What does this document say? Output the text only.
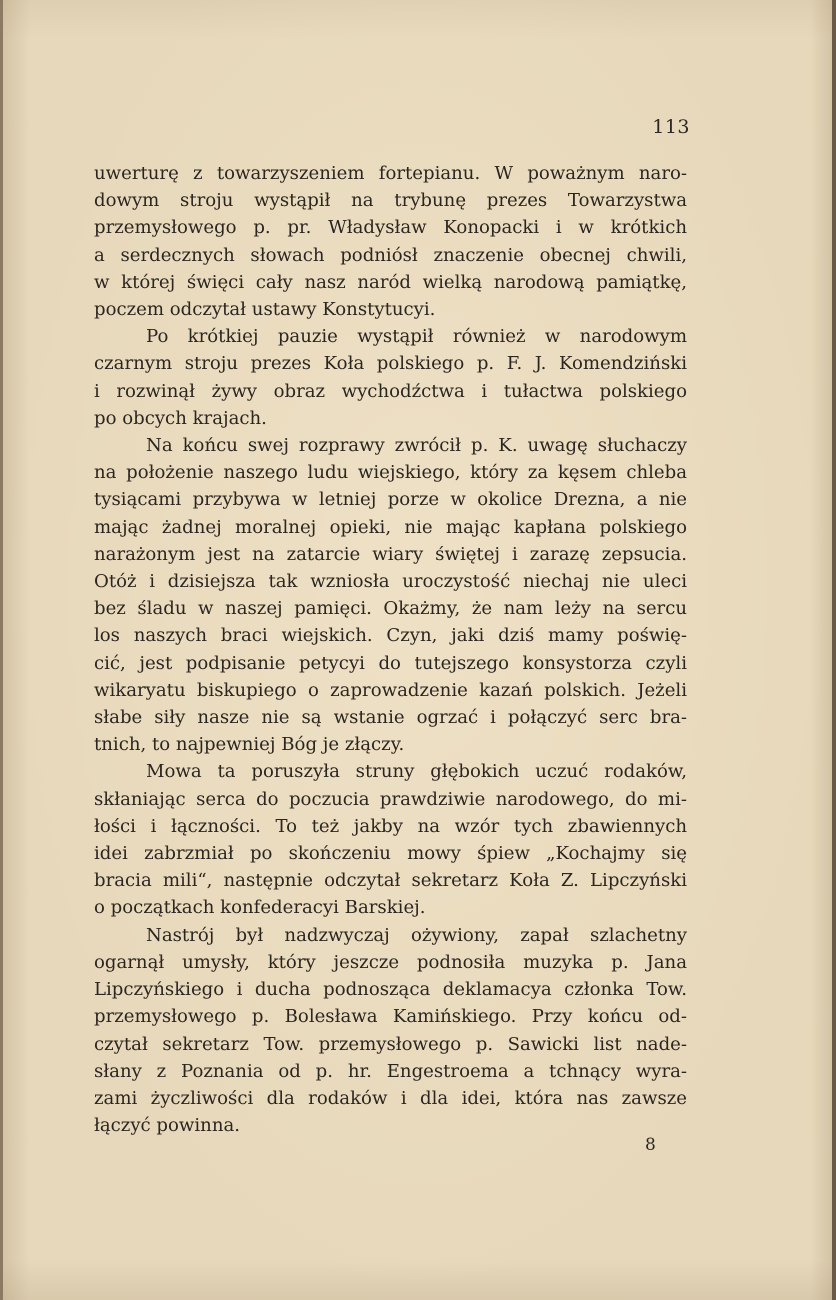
113
uwerturę z towarzyszeniem fortepianu. W poważnym naro-
dowym stroju wystąpił na trybunę prezes Towarzystwa
przemysłowego p. pr. Władysław Konopacki i w krótkich
a serdecznych słowach podniósł znaczenie obecnej chwili,
w której święci cały nasz naród wielką narodową pamiątkę,
poczem odczytał ustawy Konstytucyi.
Po krótkiej pauzie wystąpił również w narodowym
czarnym stroju prezes Koła polskiego p. F. J. Komendziński
i rozwinął żywy obraz wychodźctwa i tułactwa polskiego
po obcych krajach.
Na końcu swej rozprawy zwrócił p. K. uwagę słuchaczy
na położenie naszego ludu wiejskiego, który za kęsem chleba
tysiącami przybywa w letniej porze w okolice Drezna, a nie
mając żadnej moralnej opieki, nie mając kapłana polskiego
narażonym jest na zatarcie wiary świętej i zarazę zepsucia.
Otóż i dzisiejsza tak wzniosła uroczystość niechaj nie uleci
bez śladu w naszej pamięci. Okażmy, że nam leży na sercu
los naszych braci wiejskich. Czyn, jaki dziś mamy poświę-
cić, jest podpisanie petycyi do tutejszego konsystorza czyli
wikaryatu biskupiego o zaprowadzenie kazań polskich. Jeżeli
słabe siły nasze nie są wstanie ogrzać i połączyć serc bra-
tnich, to najpewniej Bóg je złączy.
Mowa ta poruszyła struny głębokich uczuć rodaków,
skłaniając serca do poczucia prawdziwie narodowego, do mi-
łości i łączności. To też jakby na wzór tych zbawiennych
idei zabrzmiał po skończeniu mowy śpiew „Kochajmy się
bracia mili“, następnie odczytał sekretarz Koła Z. Lipczyński
o początkach konfederacyi Barskiej.
Nastrój był nadzwyczaj ożywiony, zapał szlachetny
ogarnął umysły, który jeszcze podnosiła muzyka p. Jana
Lipczyńskiego i ducha podnosząca deklamacya członka Tow.
przemysłowego p. Bolesława Kamińskiego. Przy końcu od-
czytał sekretarz Tow. przemysłowego p. Sawicki list nade-
słany z Poznania od p. hr. Engestroema a tchnący wyra-
zami życzliwości dla rodaków i dla idei, która nas zawsze
łączyć powinna.
8
